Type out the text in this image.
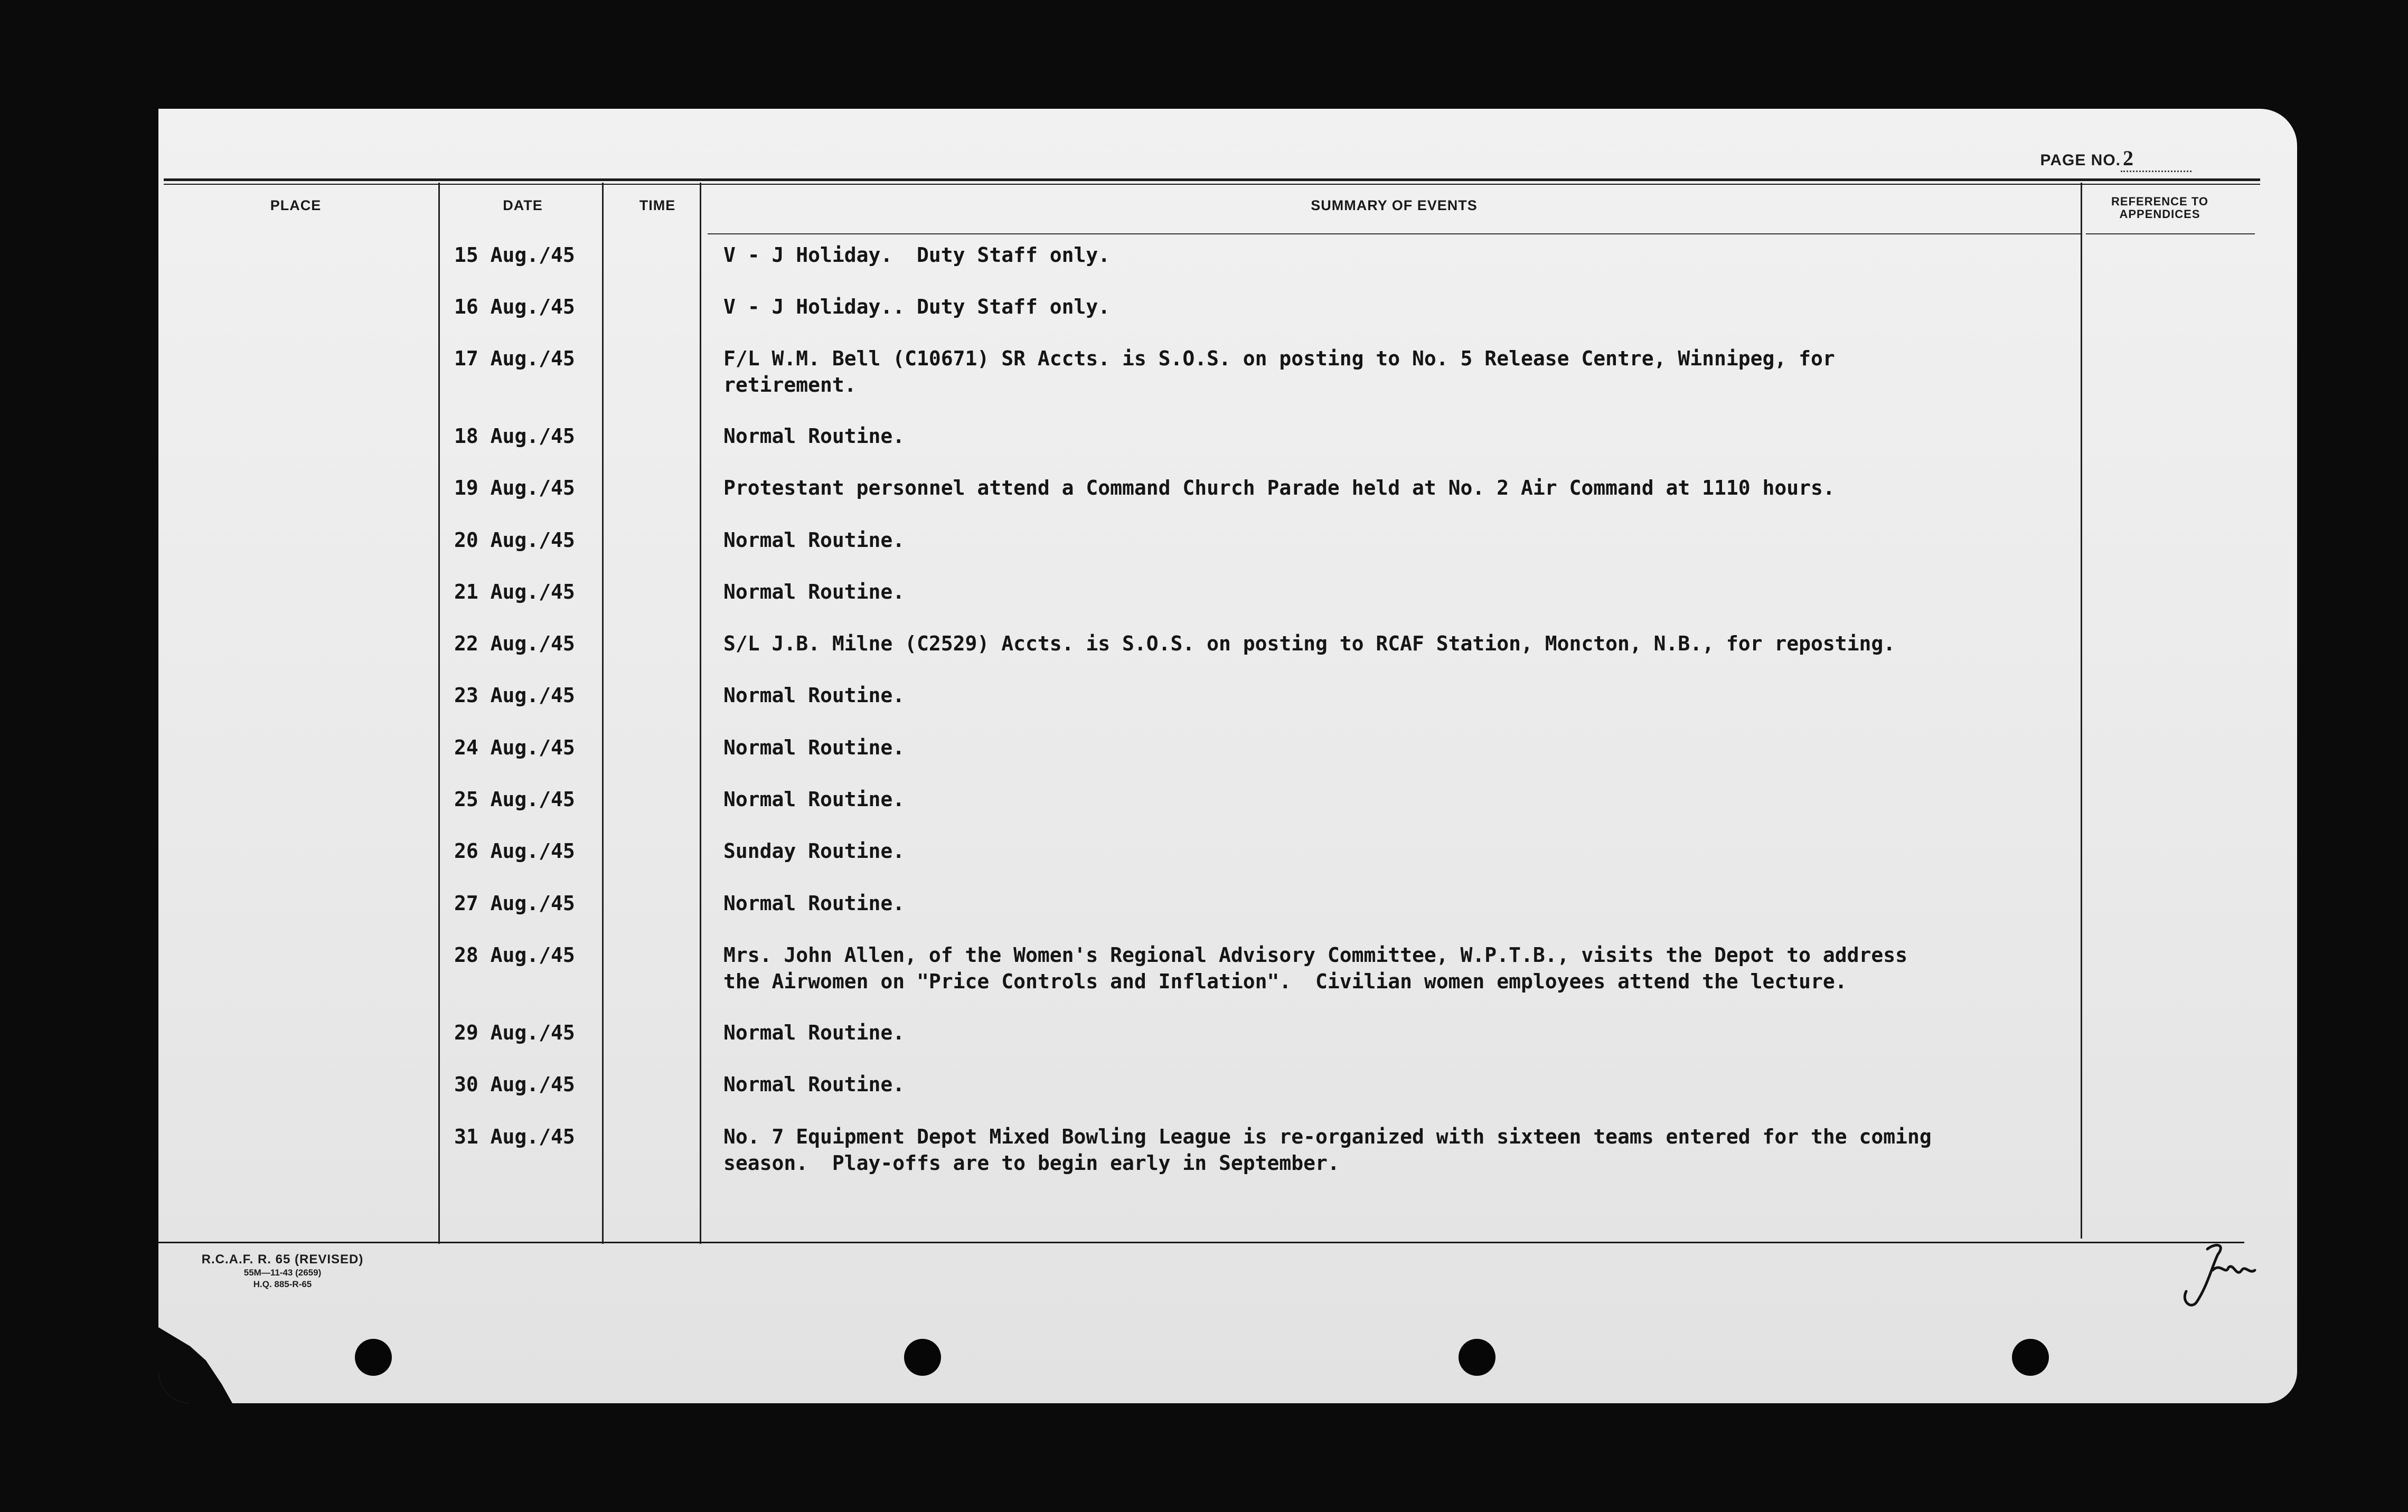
PAGE NO. 2
PLACE	DATE	TIME	SUMMARY OF EVENTS	REFERENCE TO
APPENDICES
15 Aug./45	V - J Holiday.  Duty Staff only.
16 Aug./45	V - J Holiday.. Duty Staff only.
17 Aug./45	F/L W.M. Bell (C10671) SR Accts. is S.O.S. on posting to No. 5 Release Centre, Winnipeg, for
retirement.
18 Aug./45	Normal Routine.
19 Aug./45	Protestant personnel attend a Command Church Parade held at No. 2 Air Command at 1110 hours.
20 Aug./45	Normal Routine.
21 Aug./45	Normal Routine.
22 Aug./45	S/L J.B. Milne (C2529) Accts. is S.O.S. on posting to RCAF Station, Moncton, N.B., for reposting.
23 Aug./45	Normal Routine.
24 Aug./45	Normal Routine.
25 Aug./45	Normal Routine.
26 Aug./45	Sunday Routine.
27 Aug./45	Normal Routine.
28 Aug./45	Mrs. John Allen, of the Women's Regional Advisory Committee, W.P.T.B., visits the Depot to address
the Airwomen on "Price Controls and Inflation".  Civilian women employees attend the lecture.
29 Aug./45	Normal Routine.
30 Aug./45	Normal Routine.
31 Aug./45	No. 7 Equipment Depot Mixed Bowling League is re-organized with sixteen teams entered for the coming
season.  Play-offs are to begin early in September.
R.C.A.F. R. 65 (REVISED)
55M—11-43 (2659)
H.Q. 885-R-65
